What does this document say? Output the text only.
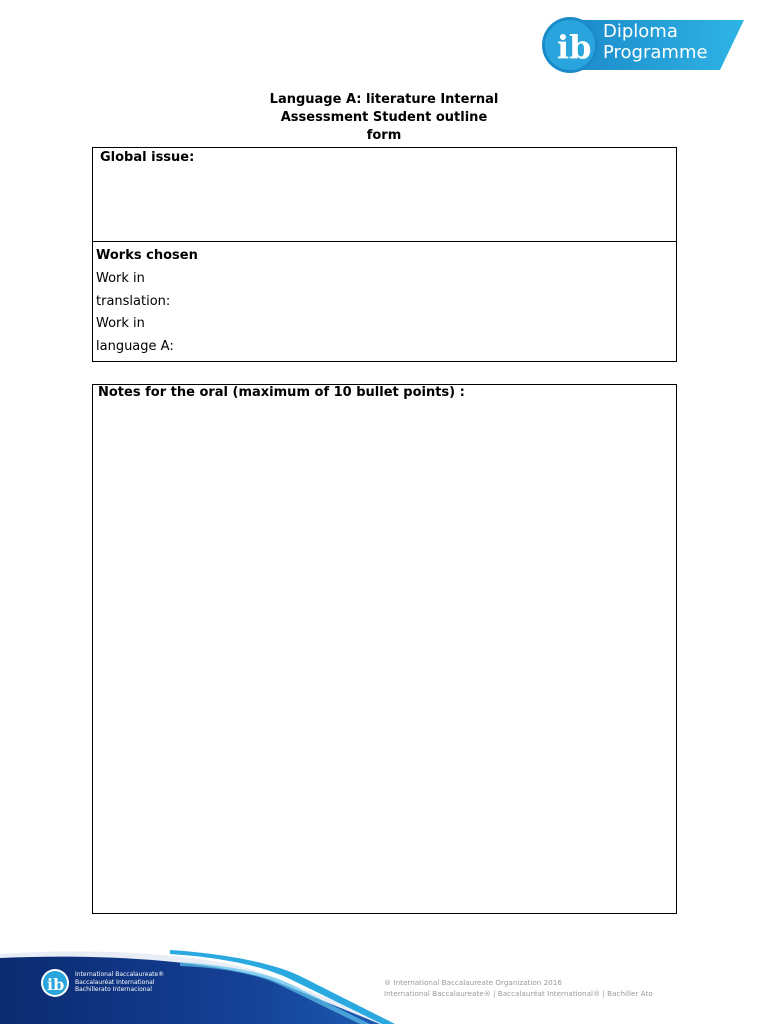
ib Diploma
Programme
Language A: literature Internal
Assessment Student outline
form
Global issue:
Works chosen
Work in
translation:
Work in
language A:
Notes for the oral (maximum of 10 bullet points) :
ib
International Baccalaureate®
Baccalauréat International
Bachillerato Internacional
® International Baccalaureate Organization 2016
International Baccalaureate® | Baccalauréat International® | Bachiller Ato
